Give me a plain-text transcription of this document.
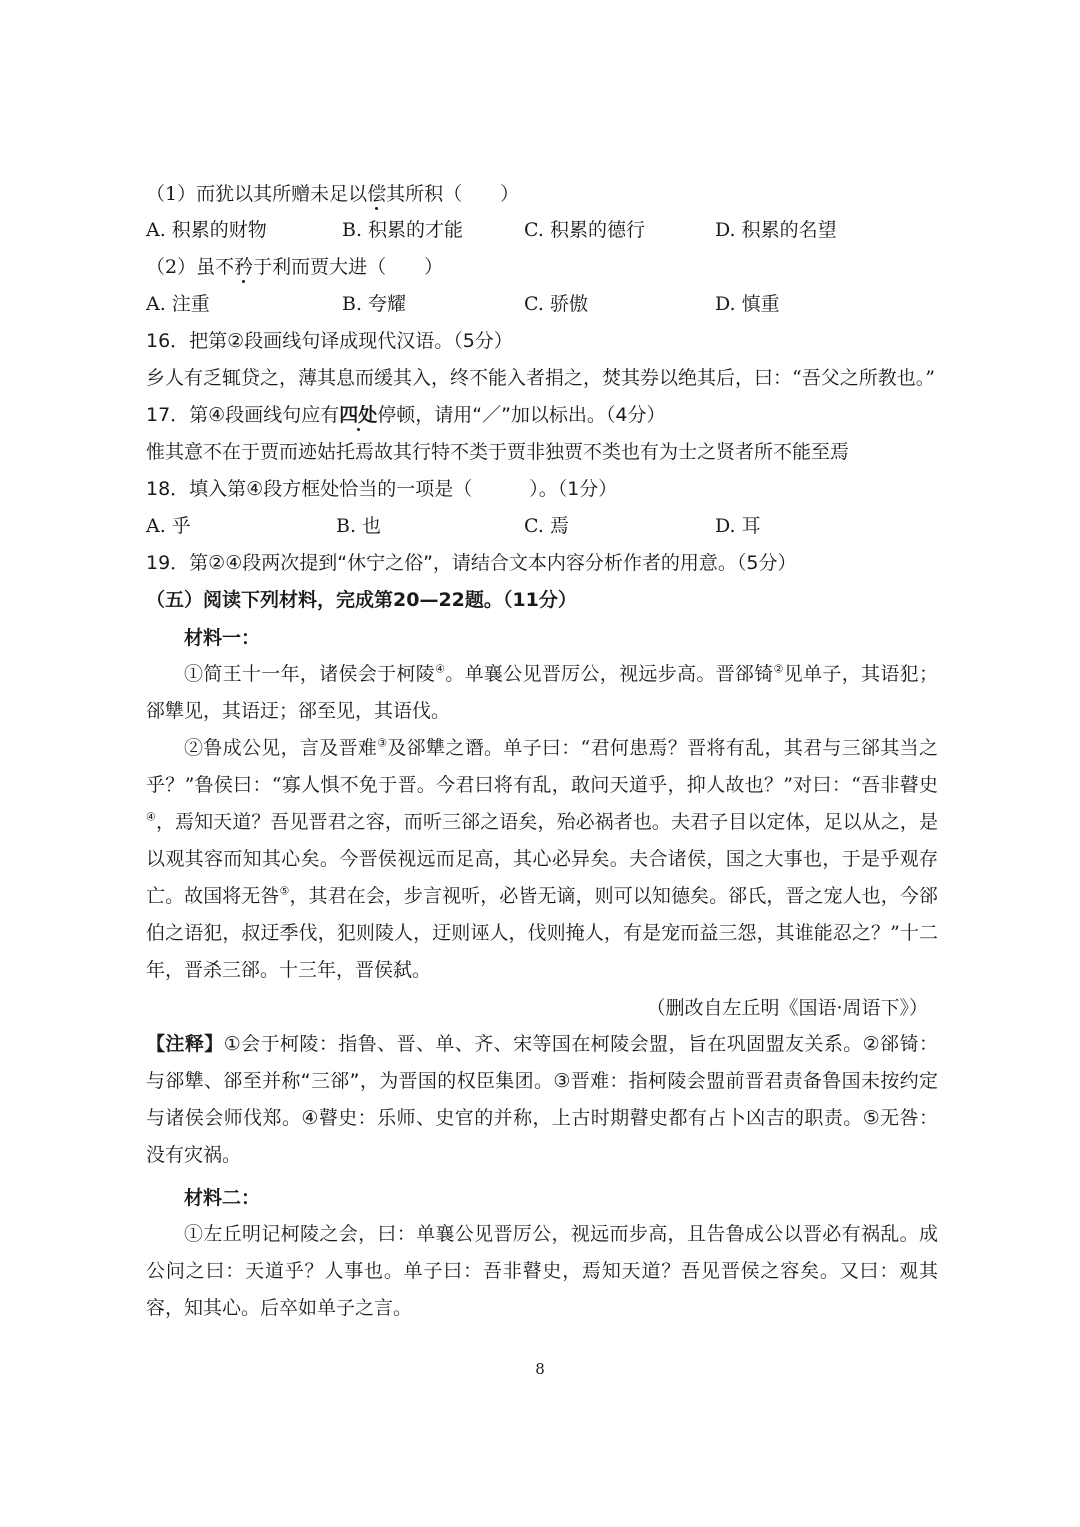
（1）而犹以其所赠未足以偿其所积（　　）
A. 积累的财物	B. 积累的才能	C. 积累的德行	D. 积累的名望
（2）虽不矜于利而贾大进（　　）
A. 注重	B. 夸耀	C. 骄傲	D. 慎重
16．把第②段画线句译成现代汉语。（5分）
乡人有乏辄贷之，薄其息而缓其入，终不能入者捐之，焚其券以绝其后，曰：“吾父之所教也。”
17．第④段画线句应有四处停顿，请用“／”加以标出。（4分）
惟其意不在于贾而迹姑托焉故其行特不类于贾非独贾不类也有为士之贤者所不能至焉
18．填入第④段方框处恰当的一项是（　　　）。（1分）
A. 乎	B. 也	C. 焉	D. 耳
19．第②④段两次提到“休宁之俗”，请结合文本内容分析作者的用意。（5分）
（五）阅读下列材料，完成第20—22题。（11分）
材料一：
①简王十一年，诸侯会于柯陵④。单襄公见晋厉公，视远步高。晋郤锜②见单子，其语犯；郤犨见，其语迂；郤至见，其语伐。
②鲁成公见，言及晋难③及郤犨之谮。单子曰：“君何患焉？晋将有乱，其君与三郤其当之乎？”鲁侯曰：“寡人惧不免于晋。今君曰将有乱，敢问天道乎，抑人故也？”对曰：“吾非瞽史④，焉知天道？吾见晋君之容，而听三郤之语矣，殆必祸者也。夫君子目以定体，足以从之，是以观其容而知其心矣。今晋侯视远而足高，其心必异矣。夫合诸侯，国之大事也，于是乎观存亡。故国将无咎⑤，其君在会，步言视听，必皆无谪，则可以知德矣。郤氏，晋之宠人也，今郤伯之语犯，叔迂季伐，犯则陵人，迂则诬人，伐则掩人，有是宠而益三怨，其谁能忍之？”十二年，晋杀三郤。十三年，晋侯弑。
（删改自左丘明《国语·周语下》）
【注释】①会于柯陵：指鲁、晋、单、齐、宋等国在柯陵会盟，旨在巩固盟友关系。②郤锜：与郤犨、郤至并称“三郤”，为晋国的权臣集团。③晋难：指柯陵会盟前晋君责备鲁国未按约定与诸侯会师伐郑。④瞽史：乐师、史官的并称，上古时期瞽史都有占卜凶吉的职责。⑤无咎：没有灾祸。
材料二：
①左丘明记柯陵之会，曰：单襄公见晋厉公，视远而步高，且告鲁成公以晋必有祸乱。成公问之曰：天道乎？人事也。单子曰：吾非瞽史，焉知天道？吾见晋侯之容矣。又曰：观其容，知其心。后卒如单子之言。
8
